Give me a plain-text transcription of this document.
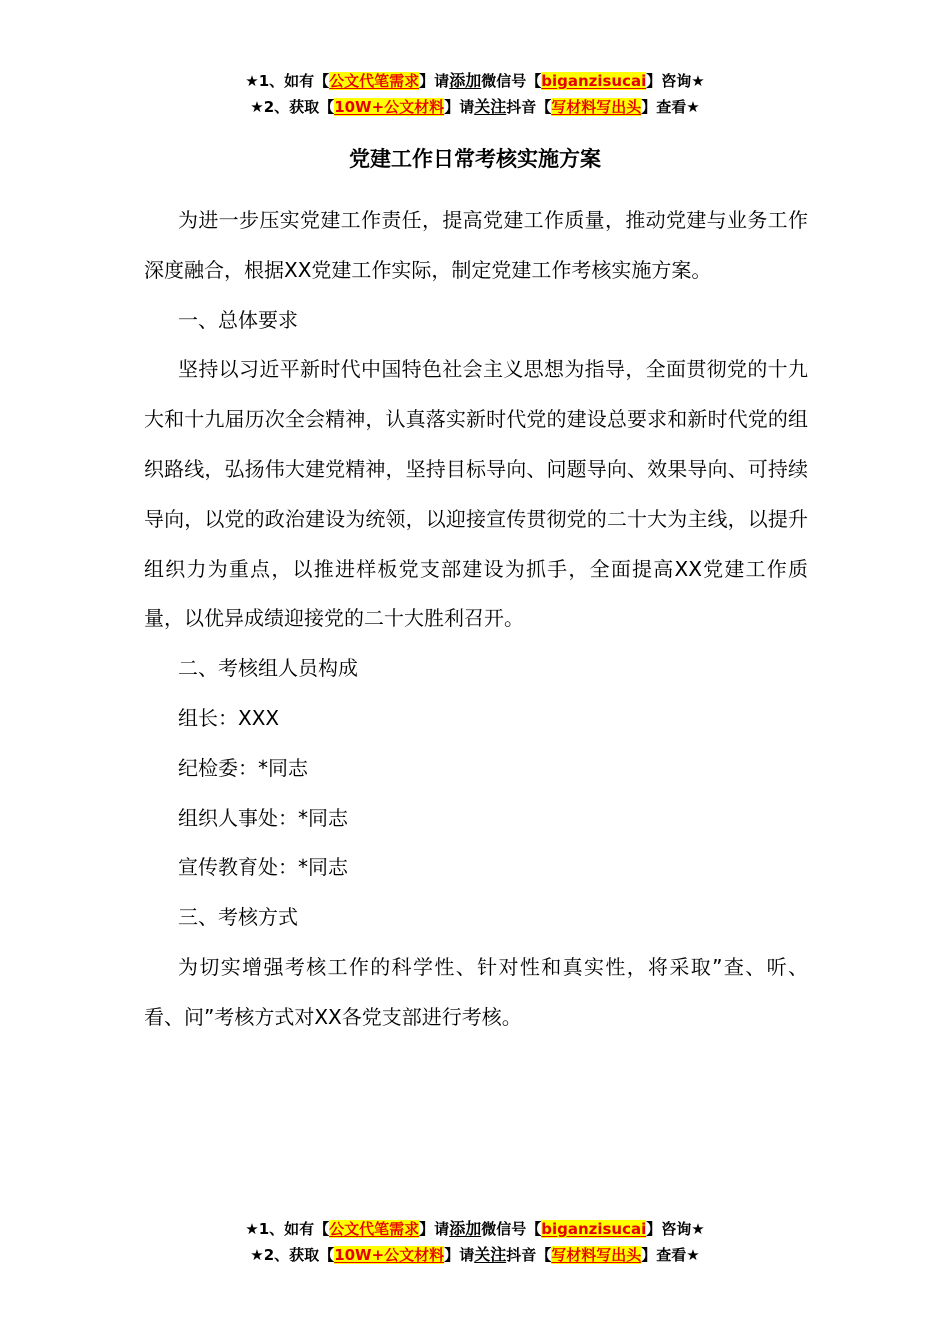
★1、如有【公文代笔需求】请添加微信号【biganzisucai】咨询★
★2、获取【10W+公文材料】请关注抖音【写材料写出头】查看★
党建工作日常考核实施方案

为进一步压实党建工作责任，提高党建工作质量，推动党建与业务工作深度融合，根据XX党建工作实际，制定党建工作考核实施方案。

一、总体要求

坚持以习近平新时代中国特色社会主义思想为指导，全面贯彻党的十九大和十九届历次全会精神，认真落实新时代党的建设总要求和新时代党的组织路线，弘扬伟大建党精神，坚持目标导向、问题导向、效果导向、可持续导向，以党的政治建设为统领，以迎接宣传贯彻党的二十大为主线，以提升组织力为重点，以推进样板党支部建设为抓手，全面提高XX党建工作质量，以优异成绩迎接党的二十大胜利召开。

二、考核组人员构成

组长：XXX

纪检委：*同志

组织人事处：*同志

宣传教育处：*同志

三、考核方式

为切实增强考核工作的科学性、针对性和真实性，将采取”查、听、看、问”考核方式对XX各党支部进行考核。

★1、如有【公文代笔需求】请添加微信号【biganzisucai】咨询★
★2、获取【10W+公文材料】请关注抖音【写材料写出头】查看★
